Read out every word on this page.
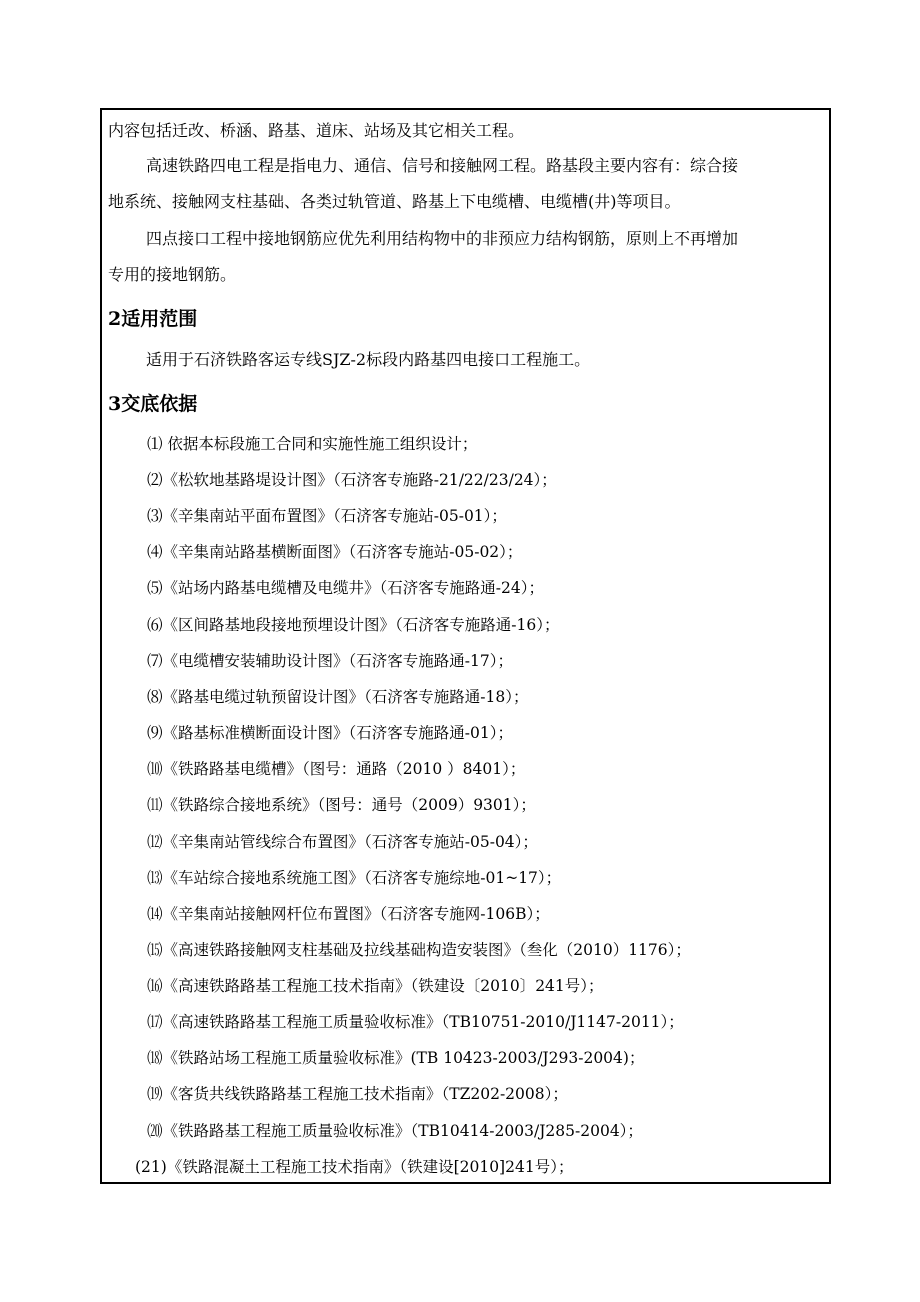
内容包括迁改、桥涵、路基、道床、站场及其它相关工程。
高速铁路四电工程是指电力、通信、信号和接触网工程。路基段主要内容有：综合接
地系统、接触网支柱基础、各类过轨管道、路基上下电缆槽、电缆槽(井)等项目。
四点接口工程中接地钢筋应优先利用结构物中的非预应力结构钢筋，原则上不再增加
专用的接地钢筋。
2适用范围
适用于石济铁路客运专线SJZ-2标段内路基四电接口工程施工。
3交底依据
⑴ 依据本标段施工合同和实施性施工组织设计；
⑵《松软地基路堤设计图》（石济客专施路-21/22/23/24）；
⑶《辛集南站平面布置图》（石济客专施站-05-01）；
⑷《辛集南站路基横断面图》（石济客专施站-05-02）；
⑸《站场内路基电缆槽及电缆井》（石济客专施路通-24）；
⑹《区间路基地段接地预埋设计图》（石济客专施路通-16）；
⑺《电缆槽安装辅助设计图》（石济客专施路通-17）；
⑻《路基电缆过轨预留设计图》（石济客专施路通-18）；
⑼《路基标准横断面设计图》（石济客专施路通-01）；
⑽《铁路路基电缆槽》（图号：通路（2010 ）8401）；
⑾《铁路综合接地系统》（图号：通号（2009）9301）；
⑿《辛集南站管线综合布置图》（石济客专施站-05-04）；
⒀《车站综合接地系统施工图》（石济客专施综地-01~17）；
⒁《辛集南站接触网杆位布置图》（石济客专施网-106B）；
⒂《高速铁路接触网支柱基础及拉线基础构造安装图》（叁化（2010）1176）；
⒃《高速铁路路基工程施工技术指南》（铁建设〔2010〕241号）；
⒄《高速铁路路基工程施工质量验收标准》（TB10751-2010/J1147-2011）；
⒅《铁路站场工程施工质量验收标准》(TB 10423-2003/J293-2004)；
⒆《客货共线铁路路基工程施工技术指南》（TZ202-2008）；
⒇《铁路路基工程施工质量验收标准》（TB10414-2003/J285-2004）；
(21)《铁路混凝土工程施工技术指南》（铁建设[2010]241号）；
